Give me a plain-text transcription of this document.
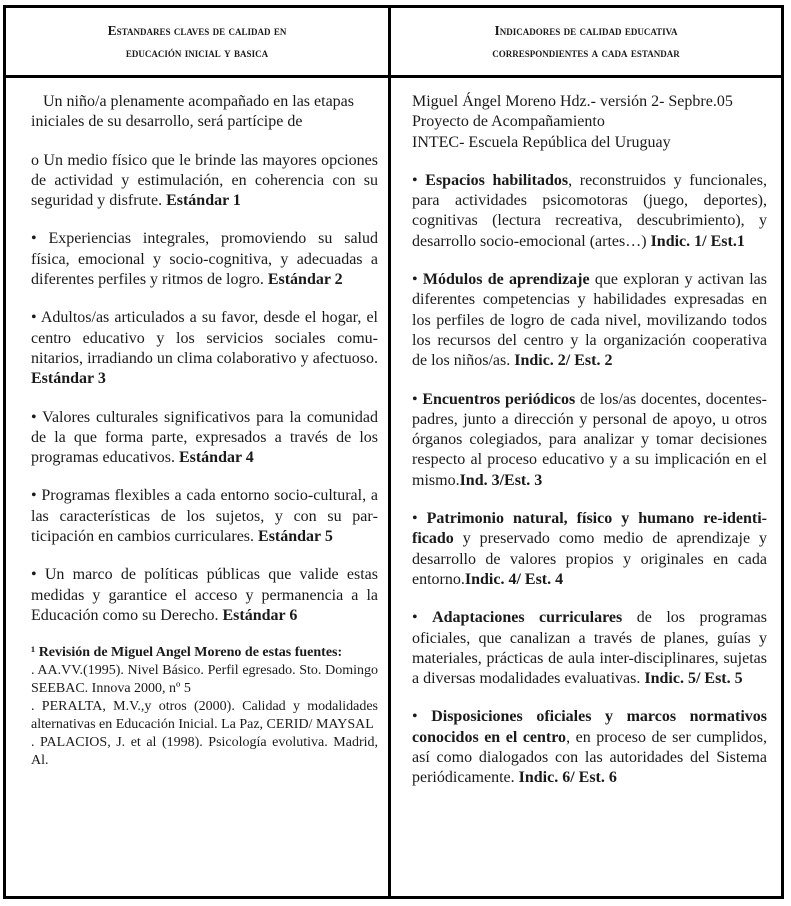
Estandares claves de calidad en
educación inicial y basica
Indicadores de calidad educativa
correspondientes a cada estandar

Un niño/a plenamente acompañado en las etapas iniciales de su desarrollo, será partícipe de

o Un medio físico que le brinde las mayores opciones de actividad y estimulación, en coherencia con su seguridad y disfrute. Estándar 1

• Experiencias integrales, promoviendo su salud física, emocional y socio-cognitiva, y adecuadas a diferentes perfiles y ritmos de logro. Estándar 2

• Adultos/as articulados a su favor, desde el hogar, el centro educativo y los servicios sociales comunitarios, irradiando un clima colaborativo y afectuoso. Estándar 3

• Valores culturales significativos para la comunidad de la que forma parte, expresados a través de los programas educativos. Estándar 4

• Programas flexibles a cada entorno socio-cultural, a las características de los sujetos, y con su participación en cambios curriculares. Estándar 5

• Un marco de políticas públicas que valide estas medidas y garantice el acceso y permanencia a la Educación como su Derecho. Estándar 6

¹ Revisión de Miguel Angel Moreno de estas fuentes:
. AA.VV.(1995). Nivel Básico. Perfil egresado. Sto. Domingo SEEBAC. Innova 2000, nº 5
. PERALTA, M.V.,y otros (2000). Calidad y modalidades alternativas en Educación Inicial. La Paz, CERID/ MAYSAL
. PALACIOS, J. et al (1998). Psicología evolutiva. Madrid, Al.

Miguel Ángel Moreno Hdz.- versión 2- Sepbre.05
Proyecto de Acompañamiento
INTEC- Escuela República del Uruguay

• Espacios habilitados, reconstruidos y funcionales, para actividades psicomotoras (juego, deportes), cognitivas (lectura recreativa, descubrimiento), y desarrollo socio-emocional (artes…) Indic. 1/ Est.1

• Módulos de aprendizaje que exploran y activan las diferentes competencias y habilidades expresadas en los perfiles de logro de cada nivel, movilizando todos los recursos del centro y la organización cooperativa de los niños/as. Indic. 2/ Est. 2

• Encuentros periódicos de los/as docentes, docentes-padres, junto a dirección y personal de apoyo, u otros órganos colegiados, para analizar y tomar decisiones respecto al proceso educativo y a su implicación en el mismo.Ind. 3/Est. 3

• Patrimonio natural, físico y humano re-identificado y preservado como medio de aprendizaje y desarrollo de valores propios y originales en cada entorno.Indic. 4/ Est. 4

• Adaptaciones curriculares de los programas oficiales, que canalizan a través de planes, guías y materiales, prácticas de aula inter-disciplinares, sujetas a diversas modalidades evaluativas. Indic. 5/ Est. 5

• Disposiciones oficiales y marcos normativos conocidos en el centro, en proceso de ser cumplidos, así como dialogados con las autoridades del Sistema periódicamente. Indic. 6/ Est. 6
